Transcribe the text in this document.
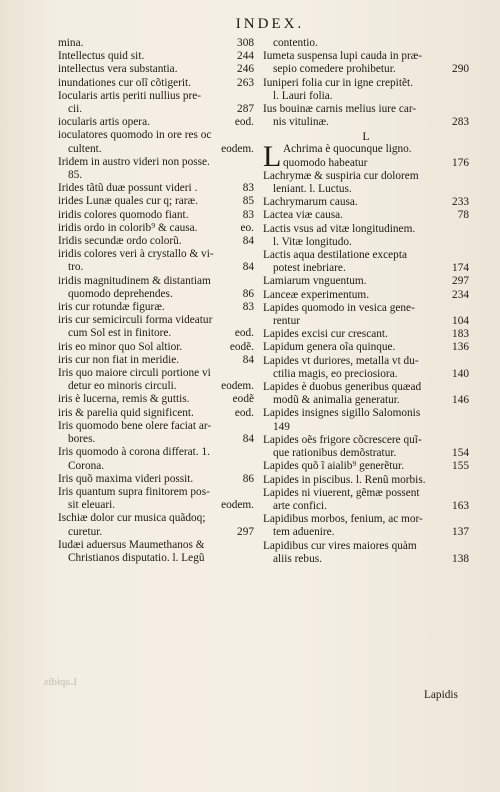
INDEX.
mina.	308
Intellectus quid sit.	244
intellectus vera substantia.	246
inundationes cur olĩ cõtigerit.	263
Iocularis artis periti nullius pre-
cii.	287
iocularis artis opera.	eod.
ioculatores quomodo in ore res oc
cultent.	eodem.
Iridem in austro videri non posse.
85.
Irides tãtũ duæ possunt videri .	83
irides Lunæ quales cur q; raræ.	85
iridis colores quomodo fiant.	83
iridis ordo in colorib⁹ & causa.	eo.
Iridis secundæ ordo colorũ.	84
iridis colores veri à crystallo & vi-
tro.	84
iridis magnitudinem & distantiam
quomodo deprehendes.	86
iris cur rotundæ figuræ.	83
iris cur semicirculi forma videatur
cum Sol est in finitore.	eod.
iris eo minor quo Sol altior.	eodẽ.
iris cur non fiat in meridie.	84
Iris quo maiore circuli portione vi
detur eo minoris circuli.	eodem.
iris è lucerna, remis & guttis.	eodẽ
iris & parelia quid significent.	eod.
Iris quomodo bene olere faciat ar-
bores.	84
Iris quomodo à corona differat. 1.
Corona.
Iris quõ maxima videri possit.	86
Iris quantum supra finitorem pos-
sit eleuari.	eodem.
Ischiæ dolor cur musica quãdoq;
curetur.	297
Iudæi aduersus Maumethanos &
Christianos disputatio. l. Legũ
contentio.
Iumeta suspensa lupi cauda in præ-
sepio comedere prohibetur.	290
Iuniperi folia cur in igne crepitẽt.
l. Lauri folia.
Ius bouinæ carnis melius iure car-
nis vitulinæ.	283
L
L Achrima è quocunque ligno.
quomodo habeatur	176
Lachrymæ & suspiria cur dolorem
leniant. l. Luctus.
Lachrymarum causa.	233
Lactea viæ causa.	78
Lactis vsus ad vitæ longitudinem.
l. Vitæ longitudo.
Lactis aqua destilatione excepta
potest inebriare.	174
Lamiarum vnguentum.	297
Lanceæ experimentum.	234
Lapides quomodo in vesica gene-
rentur	104
Lapides excisi cur crescant.	183
Lapidum genera oĩa quinque.	136
Lapides vt duriores, metalla vt du-
ctilia magis, eo preciosiora.	140
Lapides è duobus generibus quæad
modũ & animalia generatur.	146
Lapides insignes sigillo Salomonis
149
Lapides oẽs frigore cõcrescere quĩ-
que rationibus demõstratur.	154
Lapides quõ ĩ aialib⁹ generẽtur.	155
Lapides in piscibus. l. Renũ morbis.
Lapides ni viuerent, gẽmæ possent
arte confici.	163
Lapidibus morbos, fenium, ac mor-
tem aduenire.	137
Lapidibus cur vires maiores quàm
aliis rebus.	138
Lapidis
Lapidis
